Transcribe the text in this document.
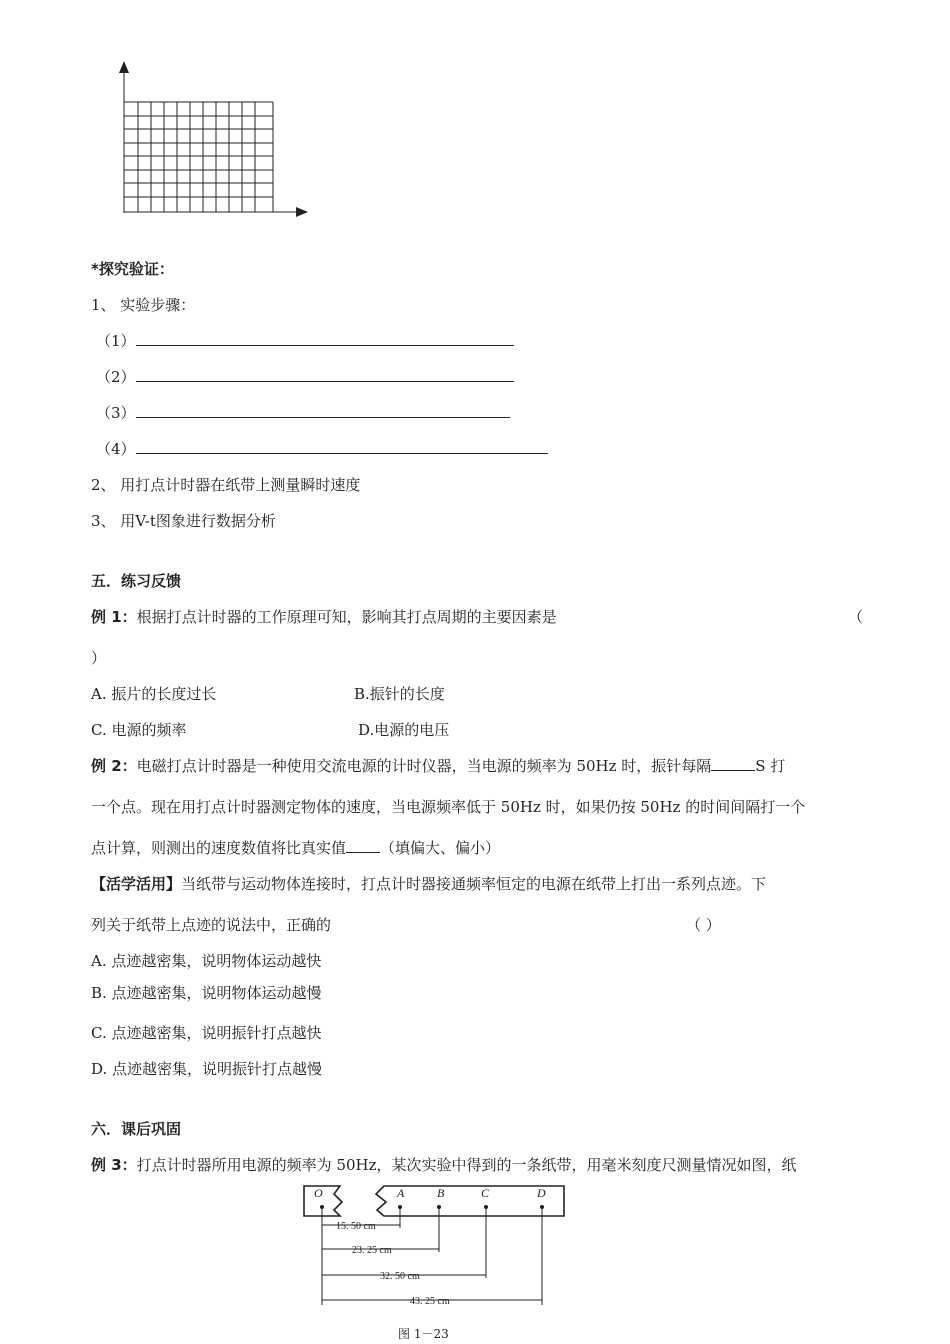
*探究验证：
1、 实验步骤：
（1）
（2）
（3）
（4）
2、 用打点计时器在纸带上测量瞬时速度
3、 用V-t图象进行数据分析
五．练习反馈
例 1：根据打点计时器的工作原理可知，影响其打点周期的主要因素是	（
）
A. 振片的长度过长	B.振针的长度
C. 电源的频率	D.电源的电压
例 2：电磁打点计时器是一种使用交流电源的计时仪器，当电源的频率为 50Hz 时，振针每隔	S 打
一个点。现在用打点计时器测定物体的速度，当电源频率低于 50Hz 时，如果仍按 50Hz 的时间间隔打一个
点计算，则测出的速度数值将比真实值 （填偏大、偏小）
【活学活用】当纸带与运动物体连接时，打点计时器接通频率恒定的电源在纸带上打出一系列点迹。下
列关于纸带上点迹的说法中，正确的	（ ）
A. 点迹越密集，说明物体运动越快
B. 点迹越密集，说明物体运动越慢
C. 点迹越密集，说明振针打点越快
D. 点迹越密集，说明振针打点越慢
六．课后巩固
例 3：打点计时器所用电源的频率为 50Hz，某次实验中得到的一条纸带，用毫米刻度尺测量情况如图，纸
O	A	B	C	D
15. 50 cm
23. 25 cm
32. 50 cm
43. 25 cm
图 1－23
